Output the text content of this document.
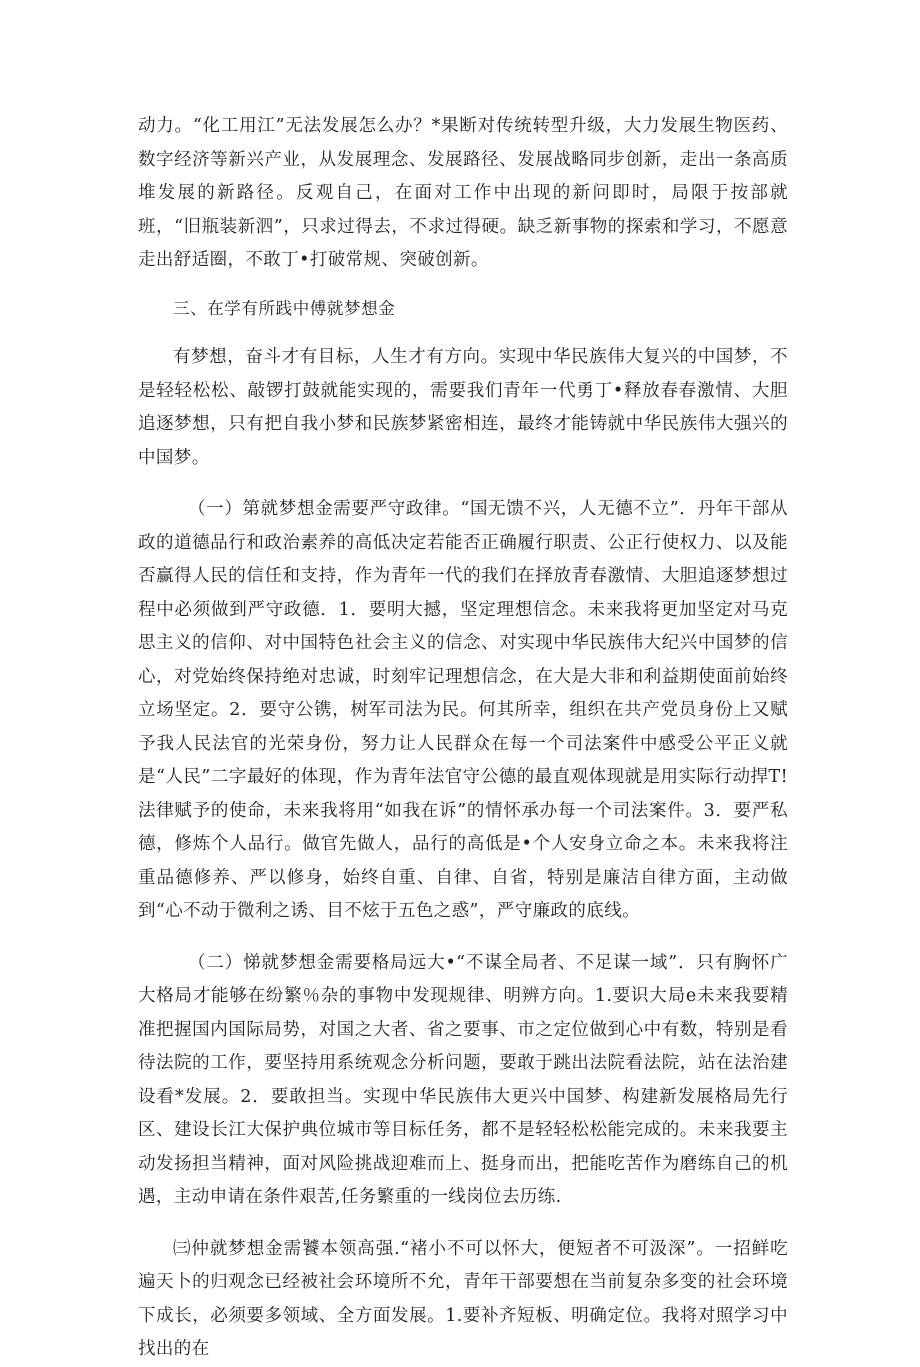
动力。“化工用江”无法发展怎么办？*果断对传统转型升级，大力发展生物医药、数字经济等新兴产业，从发展理念、发展路径、发展战略同步创新，走出一条高质堆发展的新路径。反观自己，在面对工作中出现的新问即时，局限于按部就班，“旧瓶装新泗”，只求过得去，不求过得硬。缺乏新事物的探索和学习，不愿意走出舒适圈，不敢丁•打破常规、突破创新。

三、在学有所践中傅就梦想金

有梦想，奋斗才有目标，人生才有方向。实现中华民族伟大复兴的中国梦，不是轻轻松松、敲锣打鼓就能实现的，需要我们青年一代勇丁•释放春春激情、大胆追逐梦想，只有把自我小梦和民族梦紧密相连，最终才能铸就中华民族伟大强兴的中国梦。

（一）第就梦想金需要严守政律。“国无馈不兴，人无德不立”．丹年干部从政的道德品行和政治素养的高低决定若能否正确履行职责、公正行使权力、以及能否赢得人民的信任和支持，作为青年一代的我们在择放青春激情、大胆追逐梦想过程中必须做到严守政德．1．要明大撼，坚定理想信念。未来我将更加坚定对马克思主义的信仰、对中国特色社会主义的信念、对实现中华民族伟大纪兴中国梦的信心，对党始终保持绝对忠诚，时刻牢记理想信念，在大是大非和利益期使面前始终立场坚定。2．要守公镌，树军司法为民。何其所幸，组织在共产党员身份上又赋予我人民法官的光荣身份，努力让人民群众在每一个司法案件中感受公平正义就是“人民”二字最好的体现，作为青年法官守公德的最直观体现就是用实际行动捍T!法律赋予的使命，未来我将用“如我在诉”的情怀承办每一个司法案件。3．要严私德，修炼个人品行。做官先做人，品行的高低是•个人安身立命之本。未来我将注重品德修养、严以修身，始终自重、自律、自省，特别是廉洁自律方面，主动做到“心不动于微利之诱、目不炫于五色之惑”，严守廉政的底线。

（二）悌就梦想金需要格局远大•“不谋全局者、不足谋一域”．只有胸怀广大格局才能够在纷繁％杂的事物中发现规律、明辨方向。1.要识大局e未来我要精准把握国内国际局势，对国之大者、省之要事、市之定位做到心中有数，特别是看待法院的工作，要坚持用系统观念分析问题，要敢于跳出法院看法院，站在法治建设看*发展。2．要敢担当。实现中华民族伟大更兴中国梦、构建新发展格局先行区、建设长江大保护典位城市等目标任务，都不是轻轻松松能完成的。未来我要主动发扬担当精神，面对风险挑战迎难而上、挺身而出，把能吃苦作为磨练自己的机遇，主动申请在条件艰苦,任务繁重的一线岗位去历练.

㈢仲就梦想金需饕本领高强.“褚小不可以怀大，便短者不可汲深”。一招鲜吃遍天卜的归观念已经被社会环境所不允，青年干部要想在当前复杂多变的社会环境下成长，必须要多领域、全方面发展。1.要补齐短板、明确定位。我将对照学习中找出的在
